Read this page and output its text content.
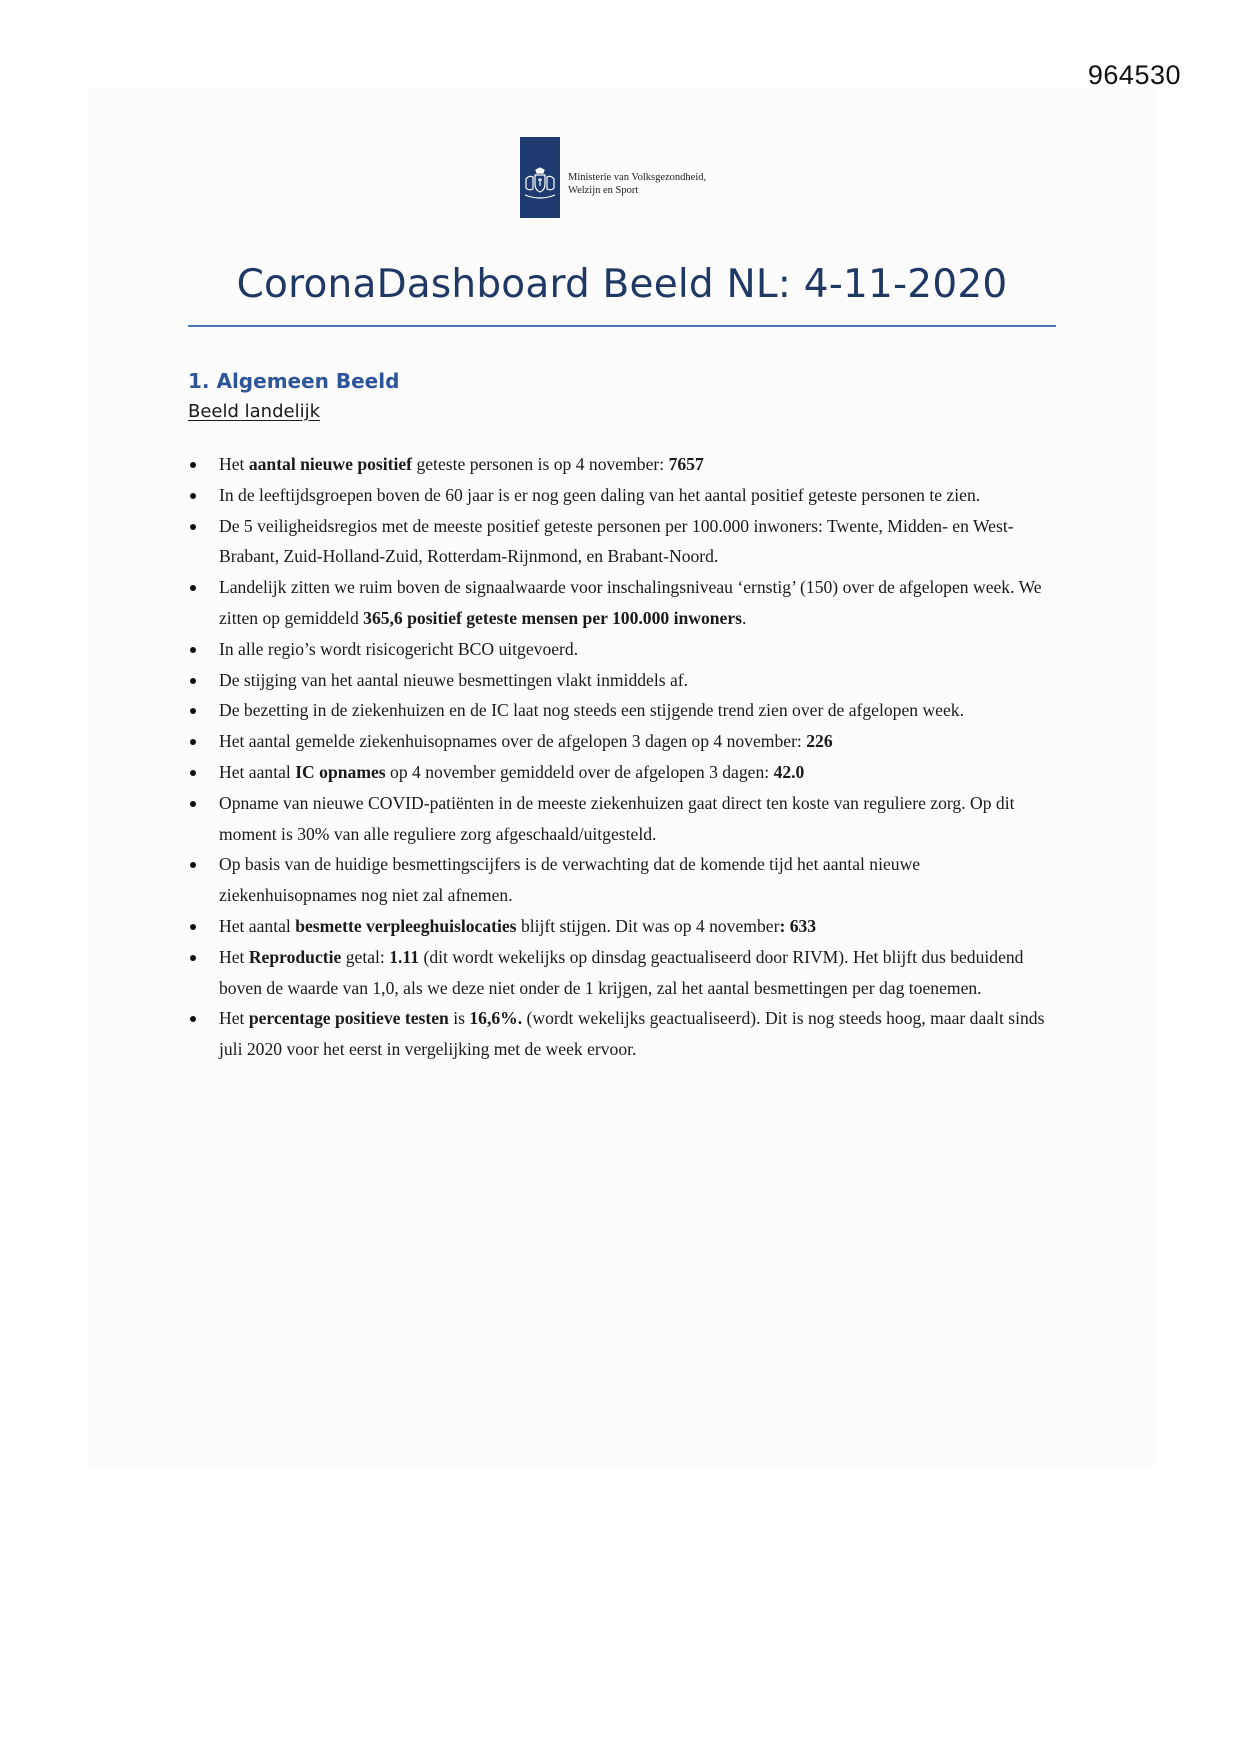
964530
Ministerie van Volksgezondheid,
Welzijn en Sport
CoronaDashboard Beeld NL: 4-11-2020
1. Algemeen Beeld
Beeld landelijk
Het aantal nieuwe positief geteste personen is op 4 november: 7657
In de leeftijdsgroepen boven de 60 jaar is er nog geen daling van het aantal positief geteste personen te zien.
De 5 veiligheidsregios met de meeste positief geteste personen per 100.000 inwoners: Twente, Midden- en West-Brabant, Zuid-Holland-Zuid, Rotterdam-Rijnmond, en Brabant-Noord.
Landelijk zitten we ruim boven de signaalwaarde voor inschalingsniveau ‘ernstig’ (150) over de afgelopen week. We zitten op gemiddeld 365,6 positief geteste mensen per 100.000 inwoners.
In alle regio’s wordt risicogericht BCO uitgevoerd.
De stijging van het aantal nieuwe besmettingen vlakt inmiddels af.
De bezetting in de ziekenhuizen en de IC laat nog steeds een stijgende trend zien over de afgelopen week.
Het aantal gemelde ziekenhuisopnames over de afgelopen 3 dagen op 4 november: 226
Het aantal IC opnames op 4 november gemiddeld over de afgelopen 3 dagen: 42.0
Opname van nieuwe COVID-patiënten in de meeste ziekenhuizen gaat direct ten koste van reguliere zorg. Op dit moment is 30% van alle reguliere zorg afgeschaald/uitgesteld.
Op basis van de huidige besmettingscijfers is de verwachting dat de komende tijd het aantal nieuwe ziekenhuisopnames nog niet zal afnemen.
Het aantal besmette verpleeghuislocaties blijft stijgen. Dit was op 4 november: 633
Het Reproductie getal: 1.11 (dit wordt wekelijks op dinsdag geactualiseerd door RIVM). Het blijft dus beduidend boven de waarde van 1,0, als we deze niet onder de 1 krijgen, zal het aantal besmettingen per dag toenemen.
Het percentage positieve testen is 16,6%. (wordt wekelijks geactualiseerd). Dit is nog steeds hoog, maar daalt sinds juli 2020 voor het eerst in vergelijking met de week ervoor.
